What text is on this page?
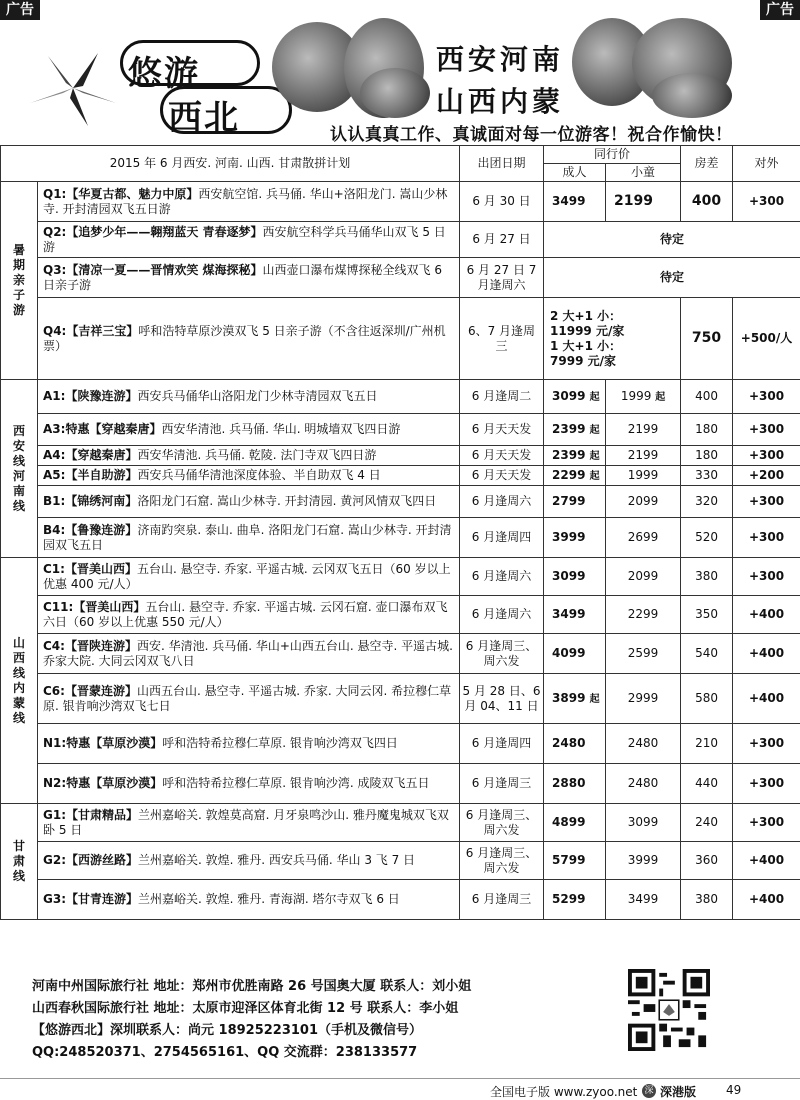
广告	广告
悠游
西北
西安河南
山西内蒙
认认真真工作、真诚面对每一位游客！祝合作愉快！
2015 年 6 月西安. 河南. 山西. 甘肃散拼计划		出团日期	同行价		房差	对外
			成人	小童		
暑期亲子游	Q1:【华夏古都、魅力中原】西安航空馆. 兵马俑. 华山+洛阳龙门. 嵩山少林寺. 开封清园双飞五日游	6 月 30 日	3499	2199	400	+300
	Q2:【追梦少年——翱翔蓝天 青春逐梦】西安航空科学兵马俑华山双飞 5 日游	6 月 27 日	待定			
	Q3:【清凉一夏——晋情欢笑 煤海探秘】山西壶口瀑布煤博探秘全线双飞 6 日亲子游	6 月 27 日 7 月逢周六	待定			
	Q4:【吉祥三宝】呼和浩特草原沙漠双飞 5 日亲子游（不含往返深圳/广州机票）	6、7 月逢周三	2 大+1 小：
11999 元/家
1 大+1 小：
7999 元/家		750	+500/人
西安线 河南线	A1:【陕豫连游】西安兵马俑华山洛阳龙门少林寺清园双飞五日	6 月逢周二	3099 起	1999 起	400	+300
	A3:特惠【穿越秦唐】西安华清池. 兵马俑. 华山. 明城墙双飞四日游	6 月天天发	2399 起	2199	180	+300
	A4:【穿越秦唐】西安华清池. 兵马俑. 乾陵. 法门寺双飞四日游	6 月天天发	2399 起	2199	180	+300
	A5:【半自助游】西安兵马俑华清池深度体验、半自助双飞 4 日	6 月天天发	2299 起	1999	330	+200
	B1:【锦绣河南】洛阳龙门石窟. 嵩山少林寺. 开封清园. 黄河风情双飞四日	6 月逢周六	2799	2099	320	+300
	B4:【鲁豫连游】济南趵突泉. 泰山. 曲阜. 洛阳龙门石窟. 嵩山少林寺. 开封清园双飞五日	6 月逢周四	3999	2699	520	+300
山西线 内蒙线	C1:【晋美山西】五台山. 悬空寺. 乔家. 平遥古城. 云冈双飞五日（60 岁以上优惠 400 元/人）	6 月逢周六	3099	2099	380	+300
	C11:【晋美山西】五台山. 悬空寺. 乔家. 平遥古城. 云冈石窟. 壶口瀑布双飞六日（60 岁以上优惠 550 元/人）	6 月逢周六	3499	2299	350	+400
	C4:【晋陕连游】西安. 华清池. 兵马俑. 华山+山西五台山. 悬空寺. 平遥古城. 乔家大院. 大同云冈双飞八日	6 月逢周三、周六发	4099	2599	540	+400
	C6:【晋蒙连游】山西五台山. 悬空寺. 平遥古城. 乔家. 大同云冈. 希拉穆仁草原. 银肯响沙湾双飞七日	5 月 28 日、6 月 04、11 日	3899 起	2999	580	+400
	N1:特惠【草原沙漠】呼和浩特希拉穆仁草原. 银肯响沙湾双飞四日	6 月逢周四	2480	2480	210	+300
	N2:特惠【草原沙漠】呼和浩特希拉穆仁草原. 银肯响沙湾. 成陵双飞五日	6 月逢周三	2880	2480	440	+300
甘肃线	G1:【甘肃精品】兰州嘉峪关. 敦煌莫高窟. 月牙泉鸣沙山. 雅丹魔鬼城双飞双卧 5 日	6 月逢周三、周六发	4899	3099	240	+300
	G2:【西游丝路】兰州嘉峪关. 敦煌. 雅丹. 西安兵马俑. 华山 3 飞 7 日	6 月逢周三、周六发	5799	3999	360	+400
	G3:【甘青连游】兰州嘉峪关. 敦煌. 雅丹. 青海湖. 塔尔寺双飞 6 日	6 月逢周三	5299	3499	380	+400
河南中州国际旅行社 地址：郑州市优胜南路 26 号国奥大厦 联系人：刘小姐
山西春秋国际旅行社 地址：太原市迎泽区体育北街 12 号 联系人：李小姐
【悠游西北】深圳联系人：尚元 18925223101（手机及微信号）
QQ:248520371、2754565161、QQ 交流群：238133577
全国电子版 www.zyoo.net 深 深港版 49
